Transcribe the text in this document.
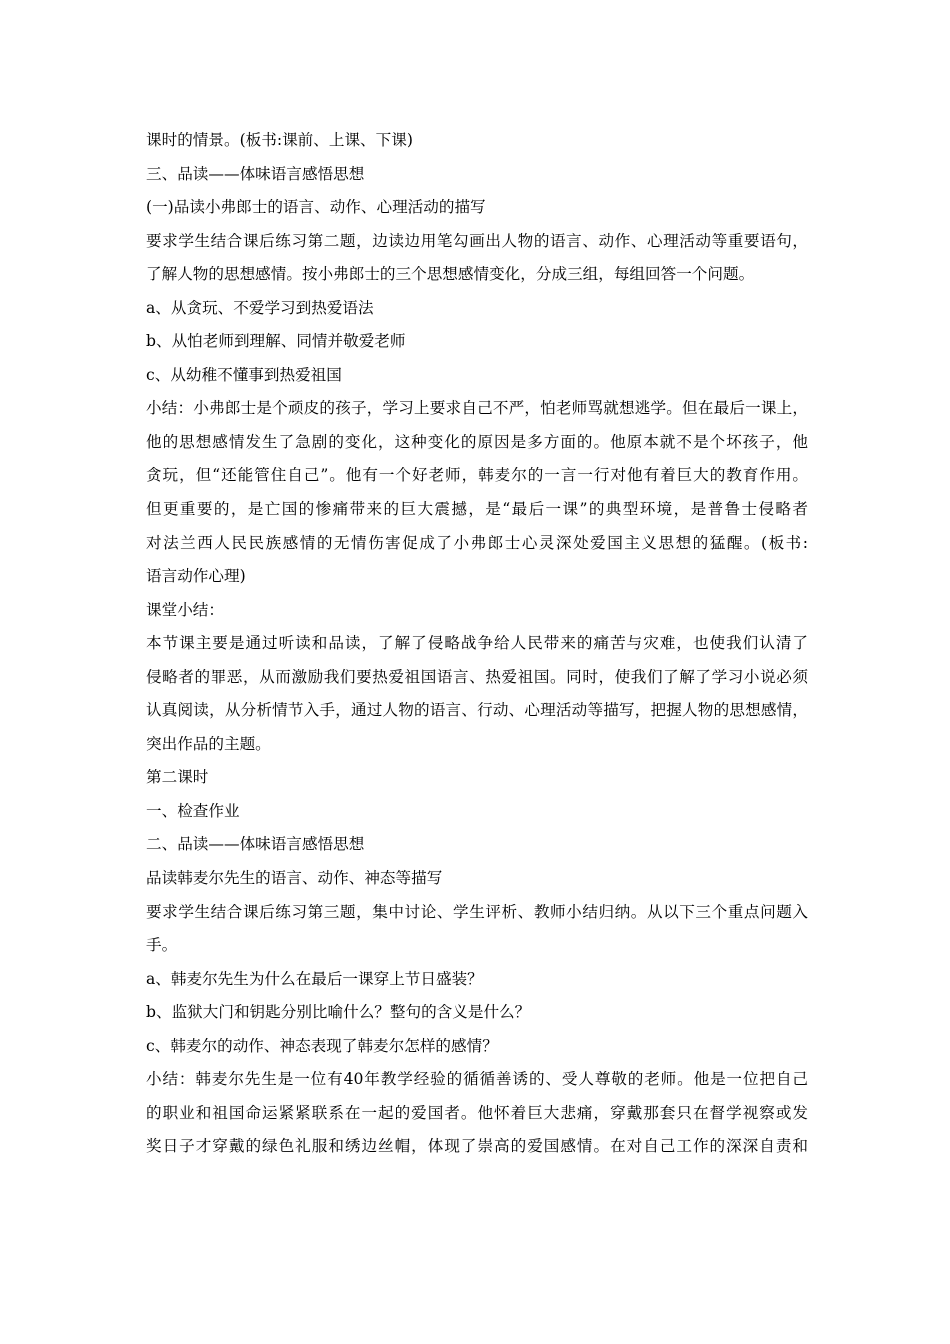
课时的情景。(板书:课前、上课、下课)
三、品读——体味语言感悟思想
(一)品读小弗郎士的语言、动作、心理活动的描写
要求学生结合课后练习第二题，边读边用笔勾画出人物的语言、动作、心理活动等重要语句，
了解人物的思想感情。按小弗郎士的三个思想感情变化，分成三组，每组回答一个问题。
a、从贪玩、不爱学习到热爱语法
b、从怕老师到理解、同情并敬爱老师
c、从幼稚不懂事到热爱祖国
小结：小弗郎士是个顽皮的孩子，学习上要求自己不严，怕老师骂就想逃学。但在最后一课上，
他的思想感情发生了急剧的变化，这种变化的原因是多方面的。他原本就不是个坏孩子，他
贪玩，但“还能管住自己”。他有一个好老师，韩麦尔的一言一行对他有着巨大的教育作用。
但更重要的，是亡国的惨痛带来的巨大震撼，是“最后一课”的典型环境，是普鲁士侵略者
对法兰西人民民族感情的无情伤害促成了小弗郎士心灵深处爱国主义思想的猛醒。(板书:
语言动作心理)
课堂小结：
本节课主要是通过听读和品读，了解了侵略战争给人民带来的痛苦与灾难，也使我们认清了
侵略者的罪恶，从而激励我们要热爱祖国语言、热爱祖国。同时，使我们了解了学习小说必须
认真阅读，从分析情节入手，通过人物的语言、行动、心理活动等描写，把握人物的思想感情，
突出作品的主题。
第二课时
一、检查作业
二、品读——体味语言感悟思想
品读韩麦尔先生的语言、动作、神态等描写
要求学生结合课后练习第三题，集中讨论、学生评析、教师小结归纳。从以下三个重点问题入
手。
a、韩麦尔先生为什么在最后一课穿上节日盛装？
b、监狱大门和钥匙分别比喻什么？整句的含义是什么？
c、韩麦尔的动作、神态表现了韩麦尔怎样的感情？
小结：韩麦尔先生是一位有40年教学经验的循循善诱的、受人尊敬的老师。他是一位把自己
的职业和祖国命运紧紧联系在一起的爱国者。他怀着巨大悲痛，穿戴那套只在督学视察或发
奖日子才穿戴的绿色礼服和绣边丝帽，体现了崇高的爱国感情。在对自己工作的深深自责和
